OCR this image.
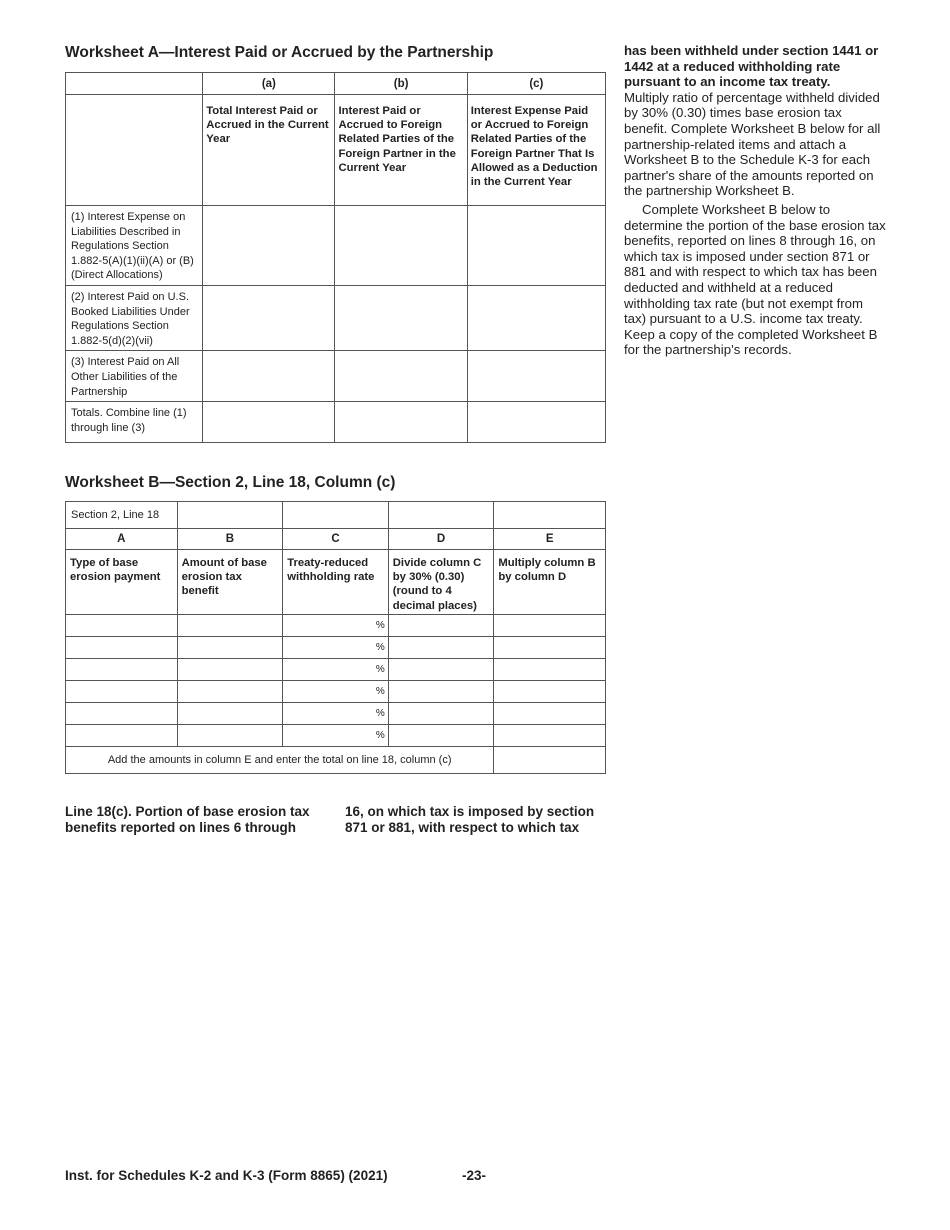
Worksheet A—Interest Paid or Accrued by the Partnership
	(a)	(b)	(c)
	Total Interest Paid or Accrued in the Current Year	Interest Paid or Accrued to Foreign Related Parties of the Foreign Partner in the Current Year	Interest Expense Paid or Accrued to Foreign Related Parties of the Foreign Partner That Is Allowed as a Deduction in the Current Year
(1) Interest Expense on Liabilities Described in Regulations Section 1.882-5(A)(1)(ii)(A) or (B) (Direct Allocations)			
(2) Interest Paid on U.S. Booked Liabilities Under Regulations Section 1.882-5(d)(2)(vii)			
(3) Interest Paid on All Other Liabilities of the Partnership			
Totals. Combine line (1) through line (3)			

has been withheld under section 1441 or 1442 at a reduced withholding rate pursuant to an income tax treaty.

Multiply ratio of percentage withheld divided by 30% (0.30) times base erosion tax benefit. Complete Worksheet B below for all partnership-related items and attach a Worksheet B to the Schedule K-3 for each partner's share of the amounts reported on the partnership Worksheet B.

Complete Worksheet B below to determine the portion of the base erosion tax benefits, reported on lines 8 through 16, on which tax is imposed under section 871 or 881 and with respect to which tax has been deducted and withheld at a reduced withholding tax rate (but not exempt from tax) pursuant to a U.S. income tax treaty. Keep a copy of the completed Worksheet B for the partnership’s records.

Worksheet B—Section 2, Line 18, Column (c)
Section 2, Line 18				
A	B	C	D	E
Type of base erosion payment	Amount of base erosion tax benefit	Treaty-reduced withholding rate	Divide column C by 30% (0.30) (round to 4 decimal places)	Multiply column B by column D
		%		
		%		
		%		
		%		
		%		
		%		
Add the amounts in column E and enter the total on line 18, column (c)				
Line 18(c). Portion of base erosion tax benefits reported on lines 6 through
16, on which tax is imposed by section 871 or 881, with respect to which tax
Inst. for Schedules K-2 and K-3 (Form 8865) (2021)	-23-
